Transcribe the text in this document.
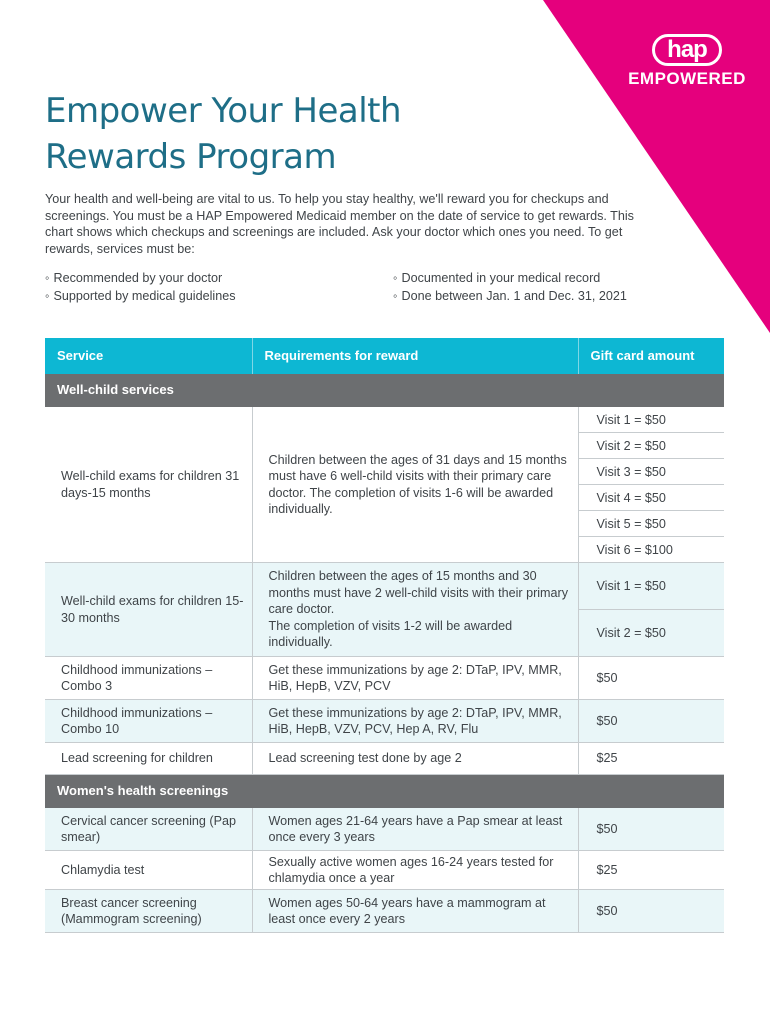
hap
EMPOWERED
Empower Your Health
Rewards Program

Your health and well-being are vital to us. To help you stay healthy, we'll reward you for checkups and screenings. You must be a HAP Empowered Medicaid member on the date of service to get rewards. This chart shows which checkups and screenings are included. Ask your doctor which ones you need. To get rewards, services must be:

◦ Recommended by your doctor	◦ Documented in your medical record
◦ Supported by medical guidelines	◦ Done between Jan. 1 and Dec. 31, 2021
Service	Requirements for reward	Gift card amount
Well-child services		
Well-child exams for children 31 days-15 months	Children between the ages of 31 days and 15 months must have 6 well-child visits with their primary care doctor. The completion of visits 1-6 will be awarded individually.	Visit 1 = $50
		Visit 2 = $50
		Visit 3 = $50
		Visit 4 = $50
		Visit 5 = $50
		Visit 6 = $100
Well-child exams for children 15-30 months	Children between the ages of 15 months and 30 months must have 2 well-child visits with their primary care doctor.
The completion of visits 1-2 will be awarded individually.	Visit 1 = $50
		Visit 2 = $50
Childhood immunizations – Combo 3	Get these immunizations by age 2: DTaP, IPV, MMR, HiB, HepB, VZV, PCV	$50
Childhood immunizations – Combo 10	Get these immunizations by age 2: DTaP, IPV, MMR, HiB, HepB, VZV, PCV, Hep A, RV, Flu	$50
Lead screening for children	Lead screening test done by age 2	$25
Women's health screenings		
Cervical cancer screening (Pap smear)	Women ages 21-64 years have a Pap smear at least once every 3 years	$50
Chlamydia test	Sexually active women ages 16-24 years tested for chlamydia once a year	$25
Breast cancer screening (Mammogram screening)	Women ages 50-64 years have a mammogram at least once every 2 years	$50
